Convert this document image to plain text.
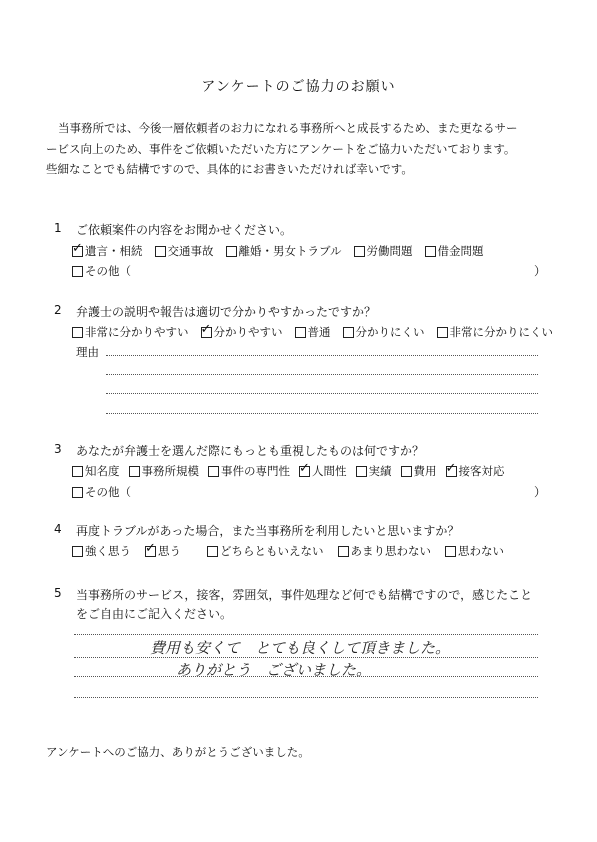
アンケートのご協力のお願い
当事務所では、今後一層依頼者のお力になれる事務所へと成長するため、また更なるサー
ービス向上のため、事件をご依頼いただいた方にアンケートをご協力いただいております。
些細なことでも結構ですので、具体的にお書きいただければ幸いです。
1 ご依頼案件の内容をお聞かせください。
✓
遺言・相続 交通事故 離婚・男女トラブル 労働問題 借金問題
その他（	）
2 弁護士の説明や報告は適切で分かりやすかったですか？
非常に分かりやすい ✓ 分かりやすい 普通 分かりにくい 非常に分かりにくい
理由
3 あなたが弁護士を選んだ際にもっとも重視したものは何ですか？
知名度 事務所規模 事件の専門性 ✓ 人間性 実績 費用 ✓ 接客対応
その他（	）
4 再度トラブルがあった場合，また当事務所を利用したいと思いますか？
強く思う ✓ 思う	どちらともいえない あまり思わない 思わない
5 当事務所のサービス，接客，雰囲気，事件処理など何でも結構ですので，感じたこと
をご自由にご記入ください。
費用も安くて　とても良くして頂きました。
ありがとう　ございました。
アンケートへのご協力、ありがとうございました。
